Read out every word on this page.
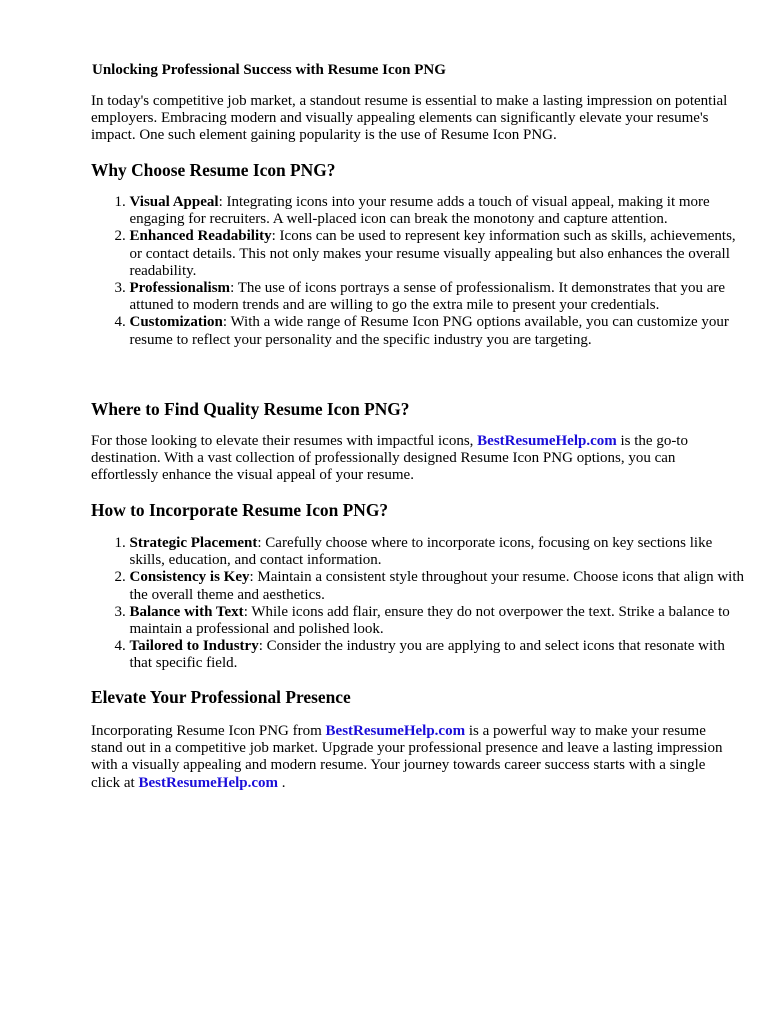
Unlocking Professional Success with Resume Icon PNG

In today's competitive job market, a standout resume is essential to make a lasting impression on potential employers. Embracing modern and visually appealing elements can significantly elevate your resume's impact. One such element gaining popularity is the use of Resume Icon PNG.

Why Choose Resume Icon PNG?
1. Visual Appeal: Integrating icons into your resume adds a touch of visual appeal, making it more engaging for recruiters. A well-placed icon can break the monotony and capture attention.
2. Enhanced Readability: Icons can be used to represent key information such as skills, achievements, or contact details. This not only makes your resume visually appealing but also enhances the overall readability.
3. Professionalism: The use of icons portrays a sense of professionalism. It demonstrates that you are attuned to modern trends and are willing to go the extra mile to present your credentials.
4. Customization: With a wide range of Resume Icon PNG options available, you can customize your resume to reflect your personality and the specific industry you are targeting.
Where to Find Quality Resume Icon PNG?

For those looking to elevate their resumes with impactful icons, BestResumeHelp.com is the go-to destination. With a vast collection of professionally designed Resume Icon PNG options, you can effortlessly enhance the visual appeal of your resume.

How to Incorporate Resume Icon PNG?
1. Strategic Placement: Carefully choose where to incorporate icons, focusing on key sections like skills, education, and contact information.
2. Consistency is Key: Maintain a consistent style throughout your resume. Choose icons that align with the overall theme and aesthetics.
3. Balance with Text: While icons add flair, ensure they do not overpower the text. Strike a balance to maintain a professional and polished look.
4. Tailored to Industry: Consider the industry you are applying to and select icons that resonate with that specific field.
Elevate Your Professional Presence

Incorporating Resume Icon PNG from BestResumeHelp.com is a powerful way to make your resume stand out in a competitive job market. Upgrade your professional presence and leave a lasting impression with a visually appealing and modern resume. Your journey towards career success starts with a single click at BestResumeHelp.com .
